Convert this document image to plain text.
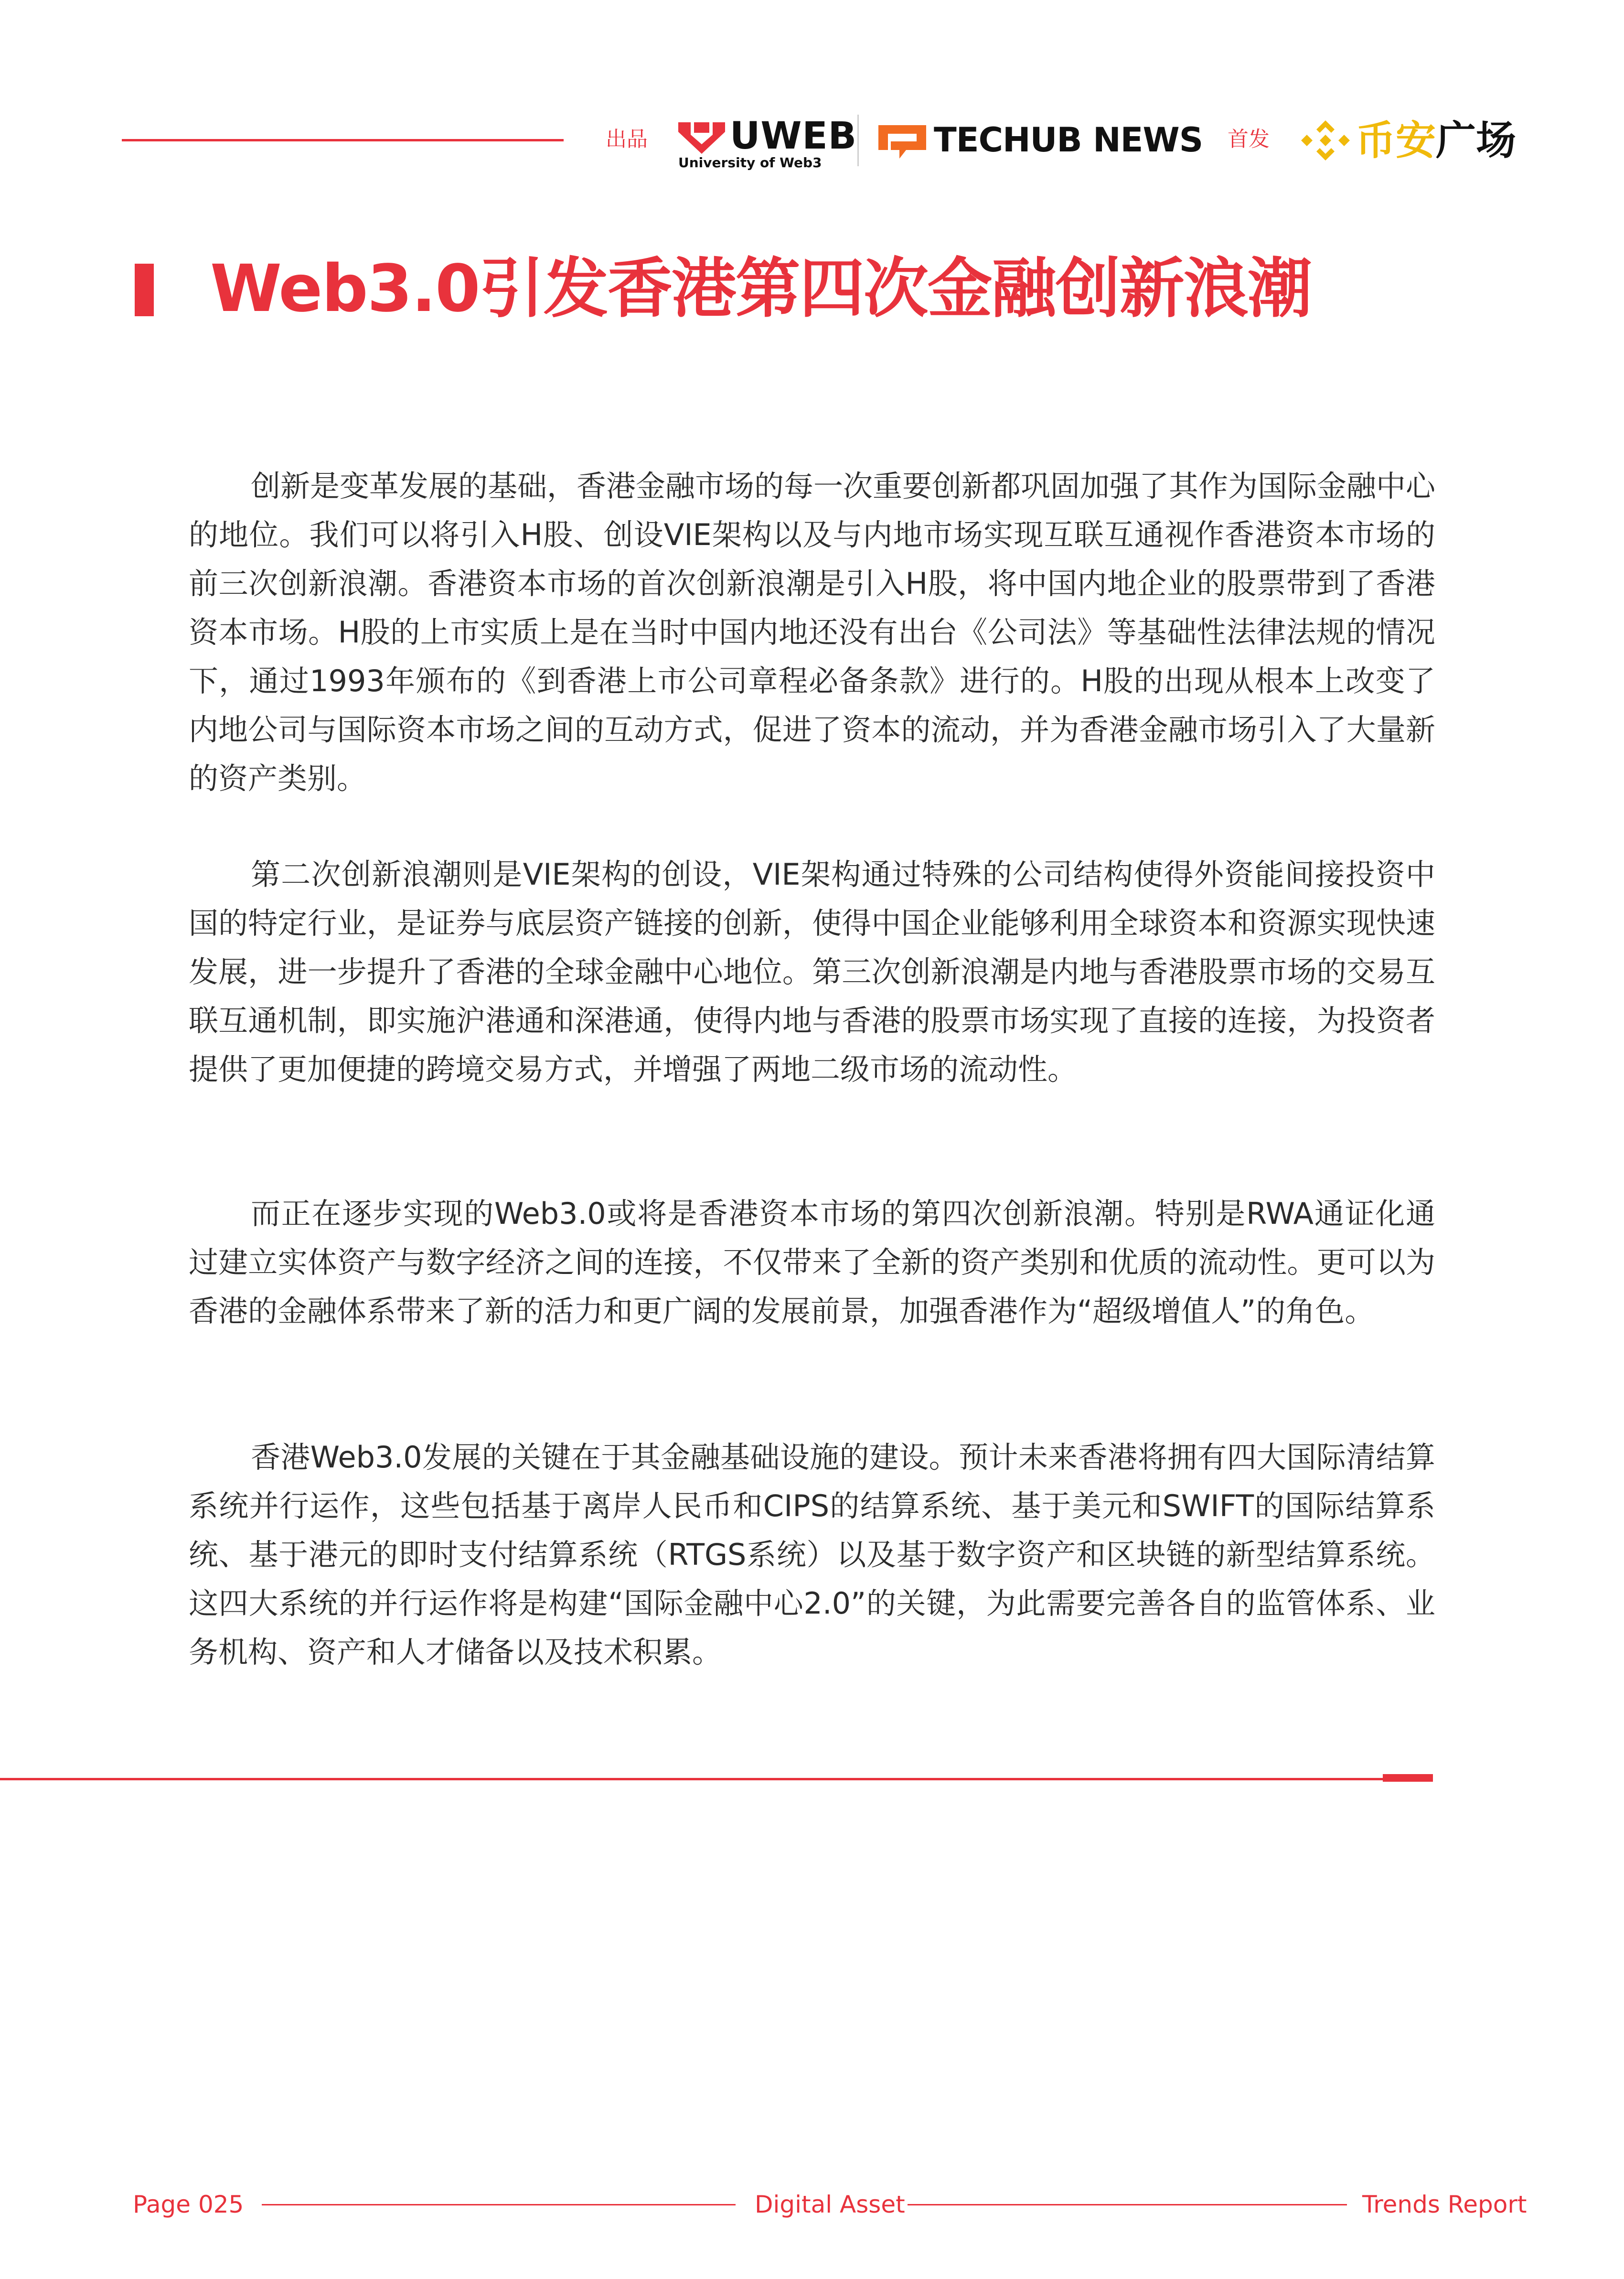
出品 UWEB
University of Web3
TECHUB NEWS 首发 币安广场
Web3.0引发香港第四次金融创新浪潮

创新是变革发展的基础，香港金融市场的每一次重要创新都巩固加强了其作为国际金融中心的地位。我们可以将引入H股、创设VIE架构以及与内地市场实现互联互通视作香港资本市场的前三次创新浪潮。香港资本市场的首次创新浪潮是引入H股，将中国内地企业的股票带到了香港资本市场。H股的上市实质上是在当时中国内地还没有出台《公司法》等基础性法律法规的情况下，通过1993年颁布的《到香港上市公司章程必备条款》进行的。H股的出现从根本上改变了内地公司与国际资本市场之间的互动方式，促进了资本的流动，并为香港金融市场引入了大量新的资产类别。

第二次创新浪潮则是VIE架构的创设，VIE架构通过特殊的公司结构使得外资能间接投资中国的特定行业，是证券与底层资产链接的创新，使得中国企业能够利用全球资本和资源实现快速发展，进一步提升了香港的全球金融中心地位。第三次创新浪潮是内地与香港股票市场的交易互联互通机制，即实施沪港通和深港通，使得内地与香港的股票市场实现了直接的连接，为投资者提供了更加便捷的跨境交易方式，并增强了两地二级市场的流动性。

而正在逐步实现的Web3.0或将是香港资本市场的第四次创新浪潮。特别是RWA通证化通过建立实体资产与数字经济之间的连接，不仅带来了全新的资产类别和优质的流动性。更可以为香港的金融体系带来了新的活力和更广阔的发展前景，加强香港作为“超级增值人”的角色。

香港Web3.0发展的关键在于其金融基础设施的建设。预计未来香港将拥有四大国际清结算系统并行运作，这些包括基于离岸人民币和CIPS的结算系统、基于美元和SWIFT的国际结算系统、基于港元的即时支付结算系统（RTGS系统）以及基于数字资产和区块链的新型结算系统。这四大系统的并行运作将是构建“国际金融中心2.0”的关键，为此需要完善各自的监管体系、业务机构、资产和人才储备以及技术积累。

Page 025	Digital Asset	Trends Report
